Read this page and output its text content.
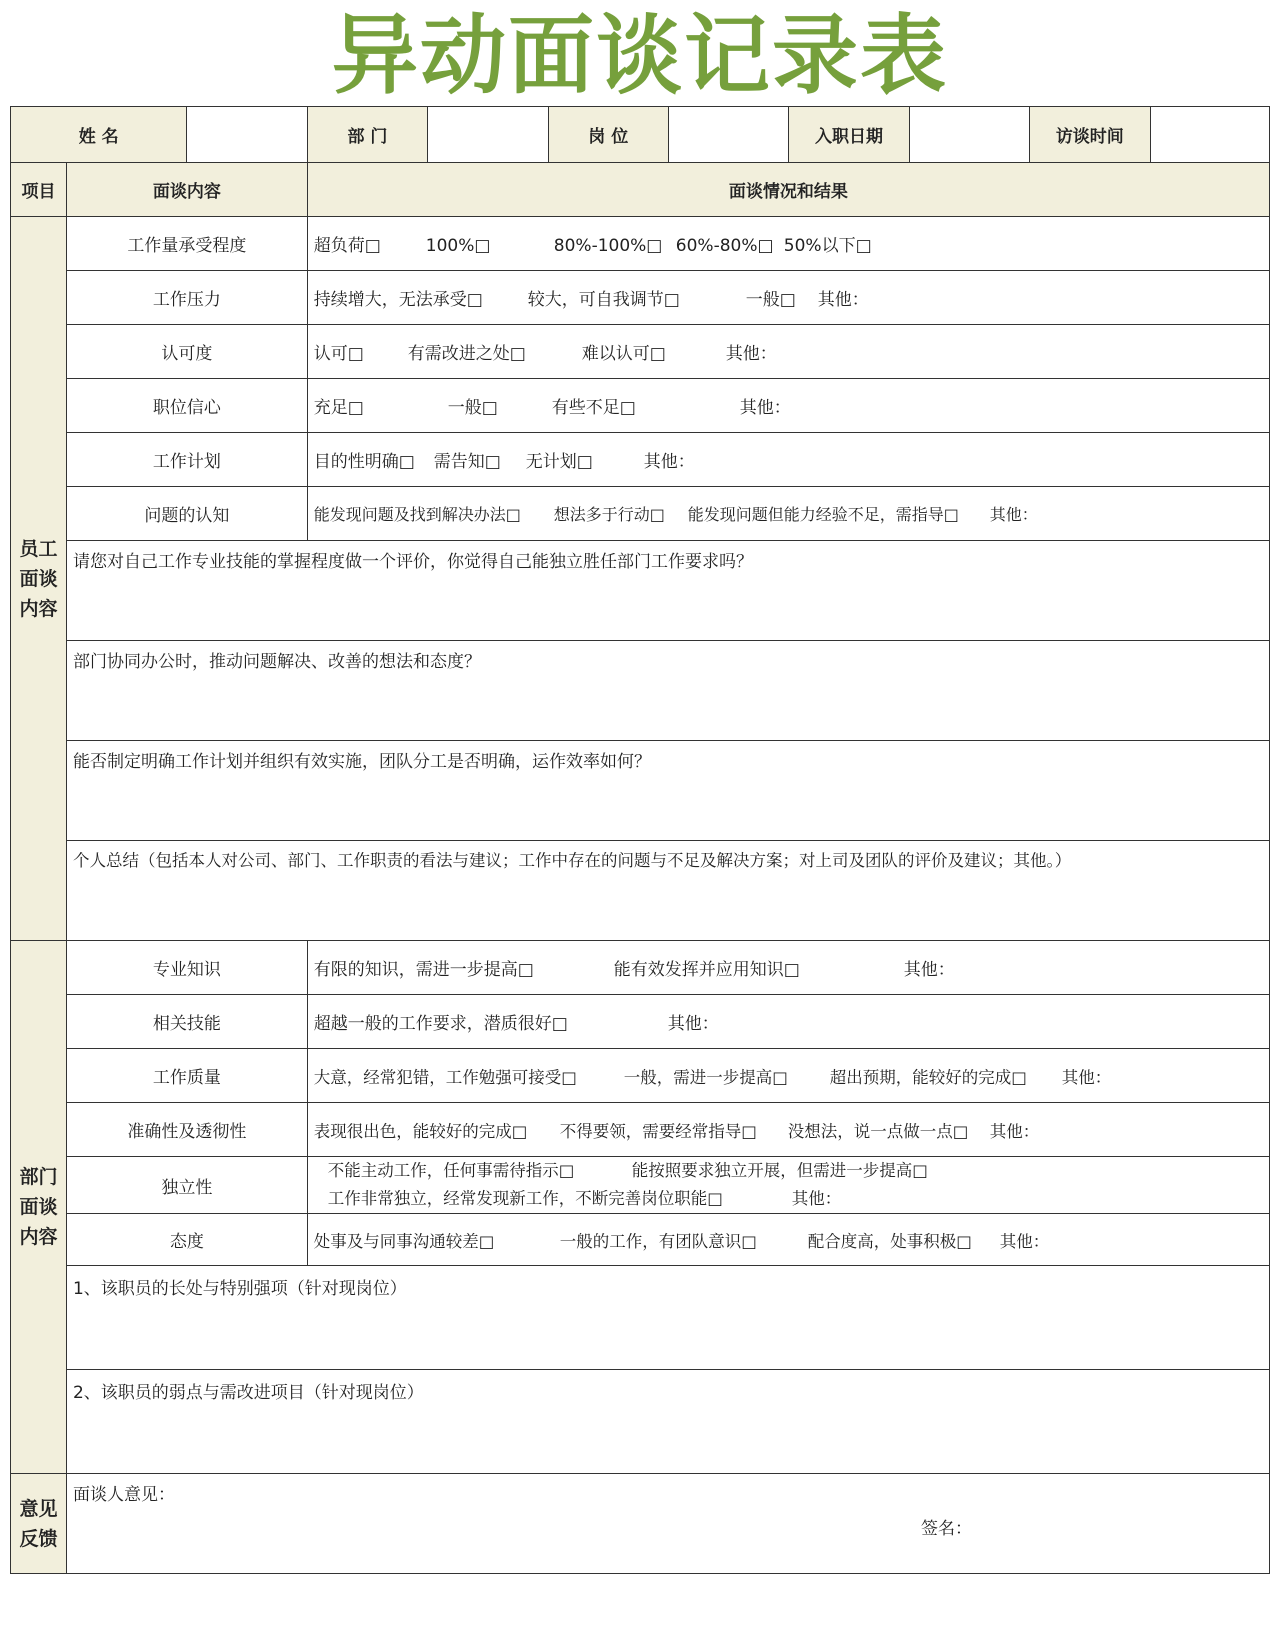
异动面谈记录表
姓 名			部 门		岗 位		入职日期		访谈时间	
项目	面谈内容		面谈情况和结果							
员工面谈内容	工作量承受程度		超负荷□ 100%□ 80%-100%□ 60%-80%□ 50%以下□							
	工作压力		持续增大，无法承受□ 较大，可自我调节□ 一般□ 其他：							
	认可度		认可□ 有需改进之处□ 难以认可□ 其他：							
	职位信心		充足□ 一般□ 有些不足□ 其他：							
	工作计划		目的性明确□ 需告知□ 无计划□ 其他：							
	问题的认知		能发现问题及找到解决办法□ 想法多于行动□ 能发现问题但能力经验不足，需指导□ 其他：							
	请您对自己工作专业技能的掌握程度做一个评价，你觉得自己能独立胜任部门工作要求吗？									
	部门协同办公时，推动问题解决、改善的想法和态度？									
	能否制定明确工作计划并组织有效实施，团队分工是否明确，运作效率如何？									
	个人总结（包括本人对公司、部门、工作职责的看法与建议；工作中存在的问题与不足及解决方案；对上司及团队的评价及建议；其他。）									
部门面谈内容	专业知识		有限的知识，需进一步提高□ 能有效发挥并应用知识□ 其他：							
	相关技能		超越一般的工作要求，潜质很好□ 其他：							
	工作质量		大意，经常犯错，工作勉强可接受□ 一般，需进一步提高□ 超出预期，能较好的完成□ 其他：							
	准确性及透彻性		表现很出色，能较好的完成□ 不得要领，需要经常指导□ 没想法，说一点做一点□ 其他：							
	独立性		不能主动工作，任何事需待指示□ 能按照要求独立开展，但需进一步提高□
工作非常独立，经常发现新工作，不断完善岗位职能□ 其他：							

	态度		处事及与同事沟通较差□ 一般的工作，有团队意识□ 配合度高，处事积极□ 其他：							
	1、该职员的长处与特别强项（针对现岗位）									
	2、该职员的弱点与需改进项目（针对现岗位）									
意见反馈	面谈人意见：
签名：									
